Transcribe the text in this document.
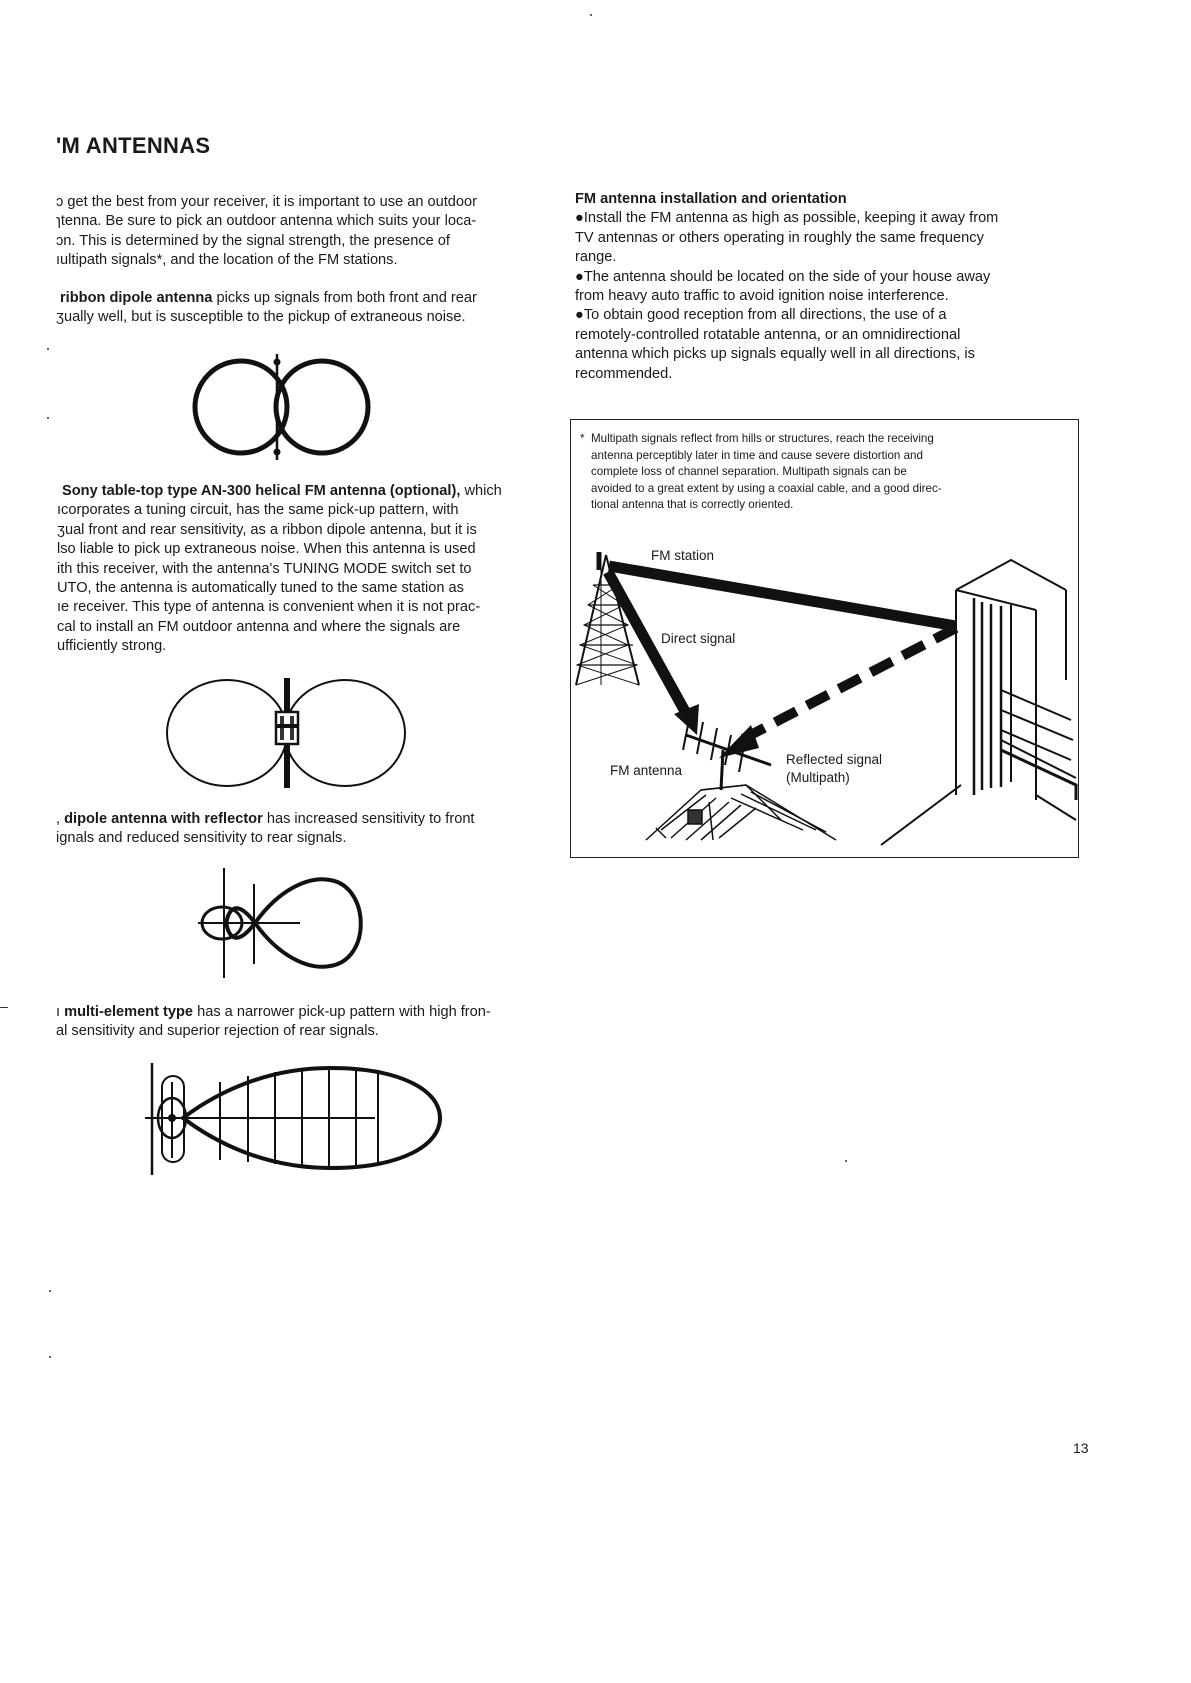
'M ANTENNAS
ɔ get the best from your receiver, it is important to use an outdoor
ɿtenna. Be sure to pick an outdoor antenna which suits your loca-
ɔn. This is determined by the signal strength, the presence of
ıultipath signals*, and the location of the FM stations.
ribbon dipole antenna picks up signals from both front and rear
ʒually well, but is susceptible to the pickup of extraneous noise.
Sony table-top type AN-300 helical FM antenna (optional), which
ıcorporates a tuning circuit, has the same pick-up pattern, with
ʒual front and rear sensitivity, as a ribbon dipole antenna, but it is
lso liable to pick up extraneous noise. When this antenna is used
ith this receiver, with the antenna's TUNING MODE switch set to
UTO, the antenna is automatically tuned to the same station as
ıe receiver. This type of antenna is convenient when it is not prac-
cal to install an FM outdoor antenna and where the signals are
ufficiently strong.
, dipole antenna with reflector has increased sensitivity to front
ignals and reduced sensitivity to rear signals.
ı multi-element type has a narrower pick-up pattern with high fron-
al sensitivity and superior rejection of rear signals.
FM antenna installation and orientation
●Install the FM antenna as high as possible, keeping it away from
TV antennas or others operating in roughly the same frequency
range.
●The antenna should be located on the side of your house away
from heavy auto traffic to avoid ignition noise interference.
●To obtain good reception from all directions, the use of a
remotely-controlled rotatable antenna, or an omnidirectional
antenna which picks up signals equally well in all directions, is
recommended.
* Multipath signals reflect from hills or structures, reach the receiving
antenna perceptibly later in time and cause severe distortion and
complete loss of channel separation. Multipath signals can be
avoided to a great extent by using a coaxial cable, and a good direc-
tional antenna that is correctly oriented.
FM station
Direct signal
FM antenna
Reflected signal
(Multipath)
13
